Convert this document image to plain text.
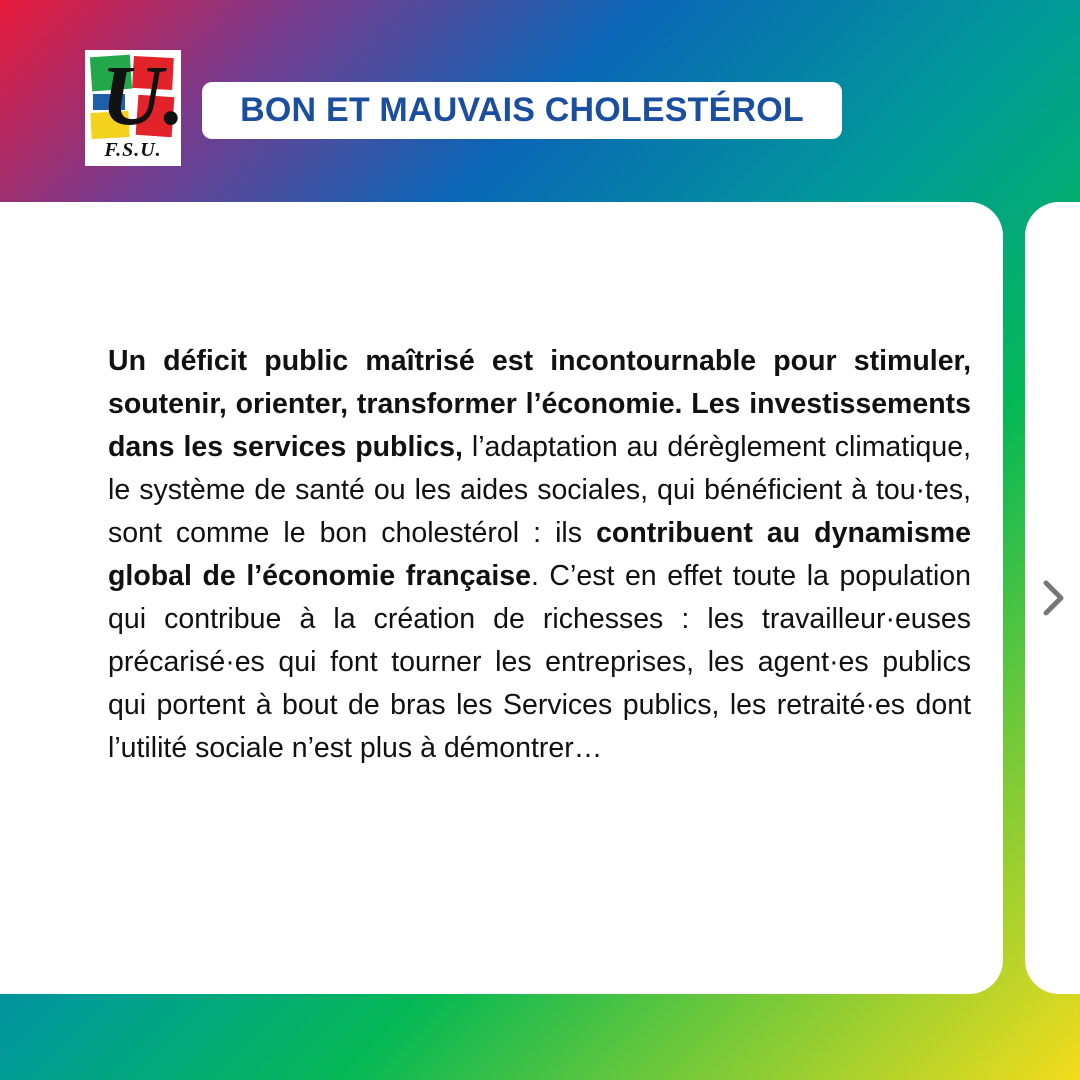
U.
F.S.U.
BON ET MAUVAIS CHOLESTÉROL

Un déficit public maîtrisé est incontournable pour stimuler, soutenir, orienter, transformer l’économie. Les investissements dans les services publics, l’adaptation au dérèglement climatique, le système de santé ou les aides sociales, qui bénéficient à tou·tes, sont comme le bon cholestérol : ils contribuent au dynamisme global de l’économie française. C’est en effet toute la population qui contribue à la création de richesses : les travailleur·euses précarisé·es qui font tourner les entreprises, les agent·es publics qui portent à bout de bras les Services publics, les retraité·es dont l’utilité sociale n’est plus à démontrer…
